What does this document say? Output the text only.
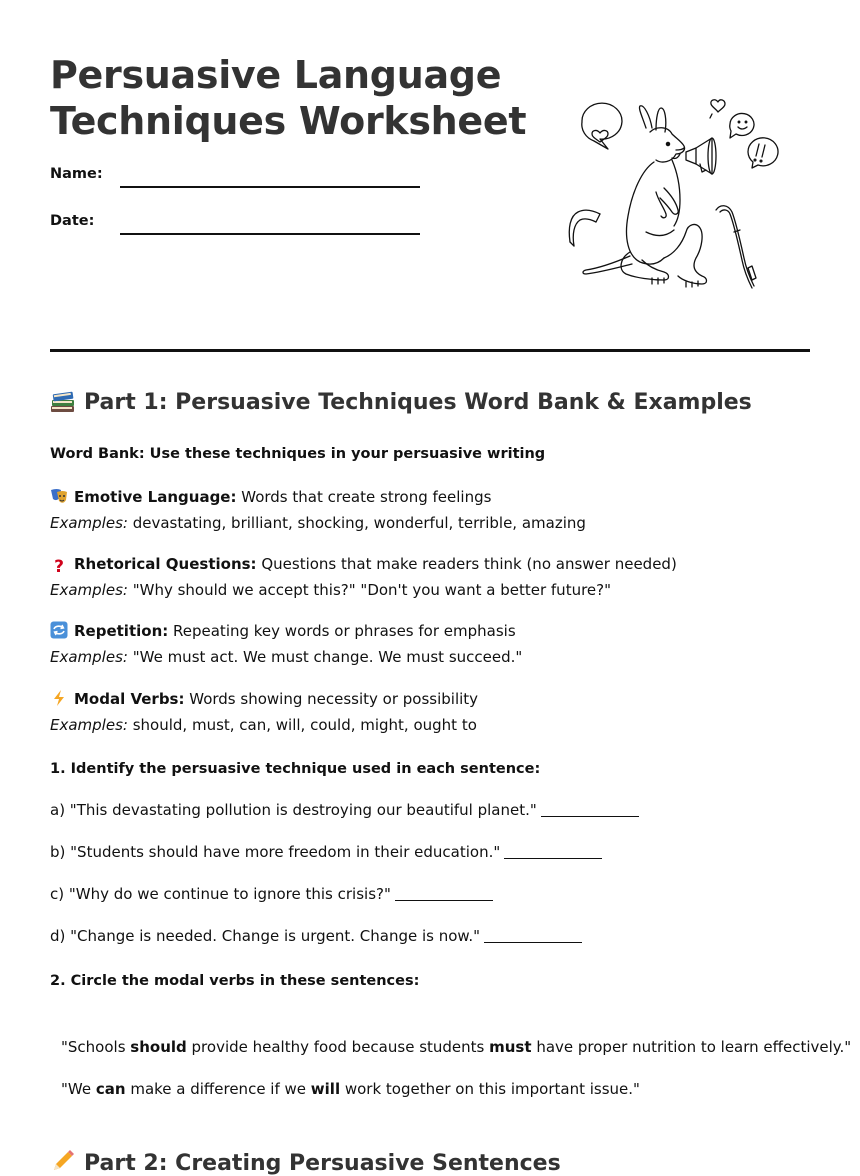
Persuasive Language
Techniques Worksheet
Name:
Date:
Part 1: Persuasive Techniques Word Bank & Examples
Word Bank: Use these techniques in your persuasive writing
Emotive Language: Words that create strong feelings
Examples: devastating, brilliant, shocking, wonderful, terrible, amazing
? Rhetorical Questions: Questions that make readers think (no answer needed)
Examples: "Why should we accept this?" "Don't you want a better future?"
Repetition: Repeating key words or phrases for emphasis
Examples: "We must act. We must change. We must succeed."
Modal Verbs: Words showing necessity or possibility
Examples: should, must, can, will, could, might, ought to
1. Identify the persuasive technique used in each sentence:
a) "This devastating pollution is destroying our beautiful planet."
b) "Students should have more freedom in their education."
c) "Why do we continue to ignore this crisis?"
d) "Change is needed. Change is urgent. Change is now."
2. Circle the modal verbs in these sentences:
"Schools should provide healthy food because students must have proper nutrition to learn effectively."
"We can make a difference if we will work together on this important issue."
Part 2: Creating Persuasive Sentences
